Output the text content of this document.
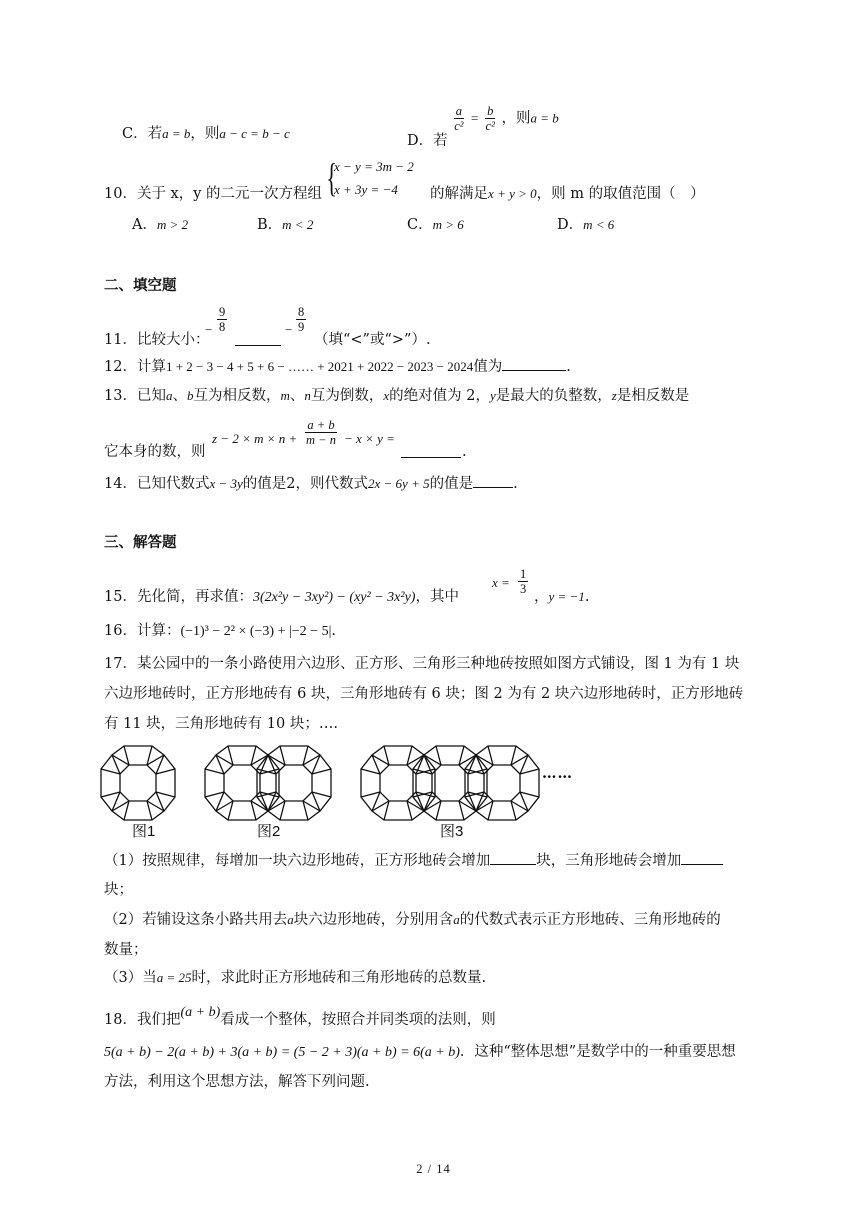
C．若a = b，则a − c = b − c	D．若
$\frac{a}{\text{c²}} = \frac{b}{\text{c²}}$ ，则a = b
{
x − y = 3m − 2
x + 3y = −4
10．关于 x，y 的二元一次方程组	的解满足x + y > 0，则 m 的取值范围（　）
A．m > 2	B．m < 2	C．m > 6	D．m < 6
二、填空题
11．比较大小：
− $\frac{9}{8}$	− $\frac{8}{9}$
（填“<”或“>”）.
12．计算1 + 2 − 3 − 4 + 5 + 6 − …… + 2021 + 2022 − 2023 − 2024值为	.
13．已知a、b互为相反数，m、n互为倒数，x的绝对值为 2，y是最大的负整数，z是相反数是
它本身的数，则
$z - 2 \times m \times n + \frac{a + b}{m - n} - x \times y$ =
.
14．已知代数式x − 3y的值是2，则代数式2x − 6y + 5的值是	.
三、解答题
15．先化简，再求值：3(2x²y − 3xy²) − (xy² − 3x²y)，其中
$x = \frac{1}{3}$
，y = −1.
16．计算：(−1)³ − 2² × (−3) + |−2 − 5|.
17．某公园中的一条小路使用六边形、正方形、三角形三种地砖按照如图方式铺设，图 1 为有 1 块
六边形地砖时，正方形地砖有 6 块，三角形地砖有 6 块；图 2 为有 2 块六边形地砖时，正方形地砖
有 11 块，三角形地砖有 10 块；….
……
图1	图2	图3
（1）按照规律，每增加一块六边形地砖，正方形地砖会增加	块，三角形地砖会增加
块；
（2）若铺设这条小路共用去a块六边形地砖，分别用含a的代数式表示正方形地砖、三角形地砖的
数量；
（3）当a = 25时，求此时正方形地砖和三角形地砖的总数量.
18．我们把(a + b)看成一个整体，按照合并同类项的法则，则
5(a + b) − 2(a + b) + 3(a + b) = (5 − 2 + 3)(a + b) = 6(a + b)．这种“整体思想”是数学中的一种重要思想
方法，利用这个思想方法，解答下列问题.
2 / 14
